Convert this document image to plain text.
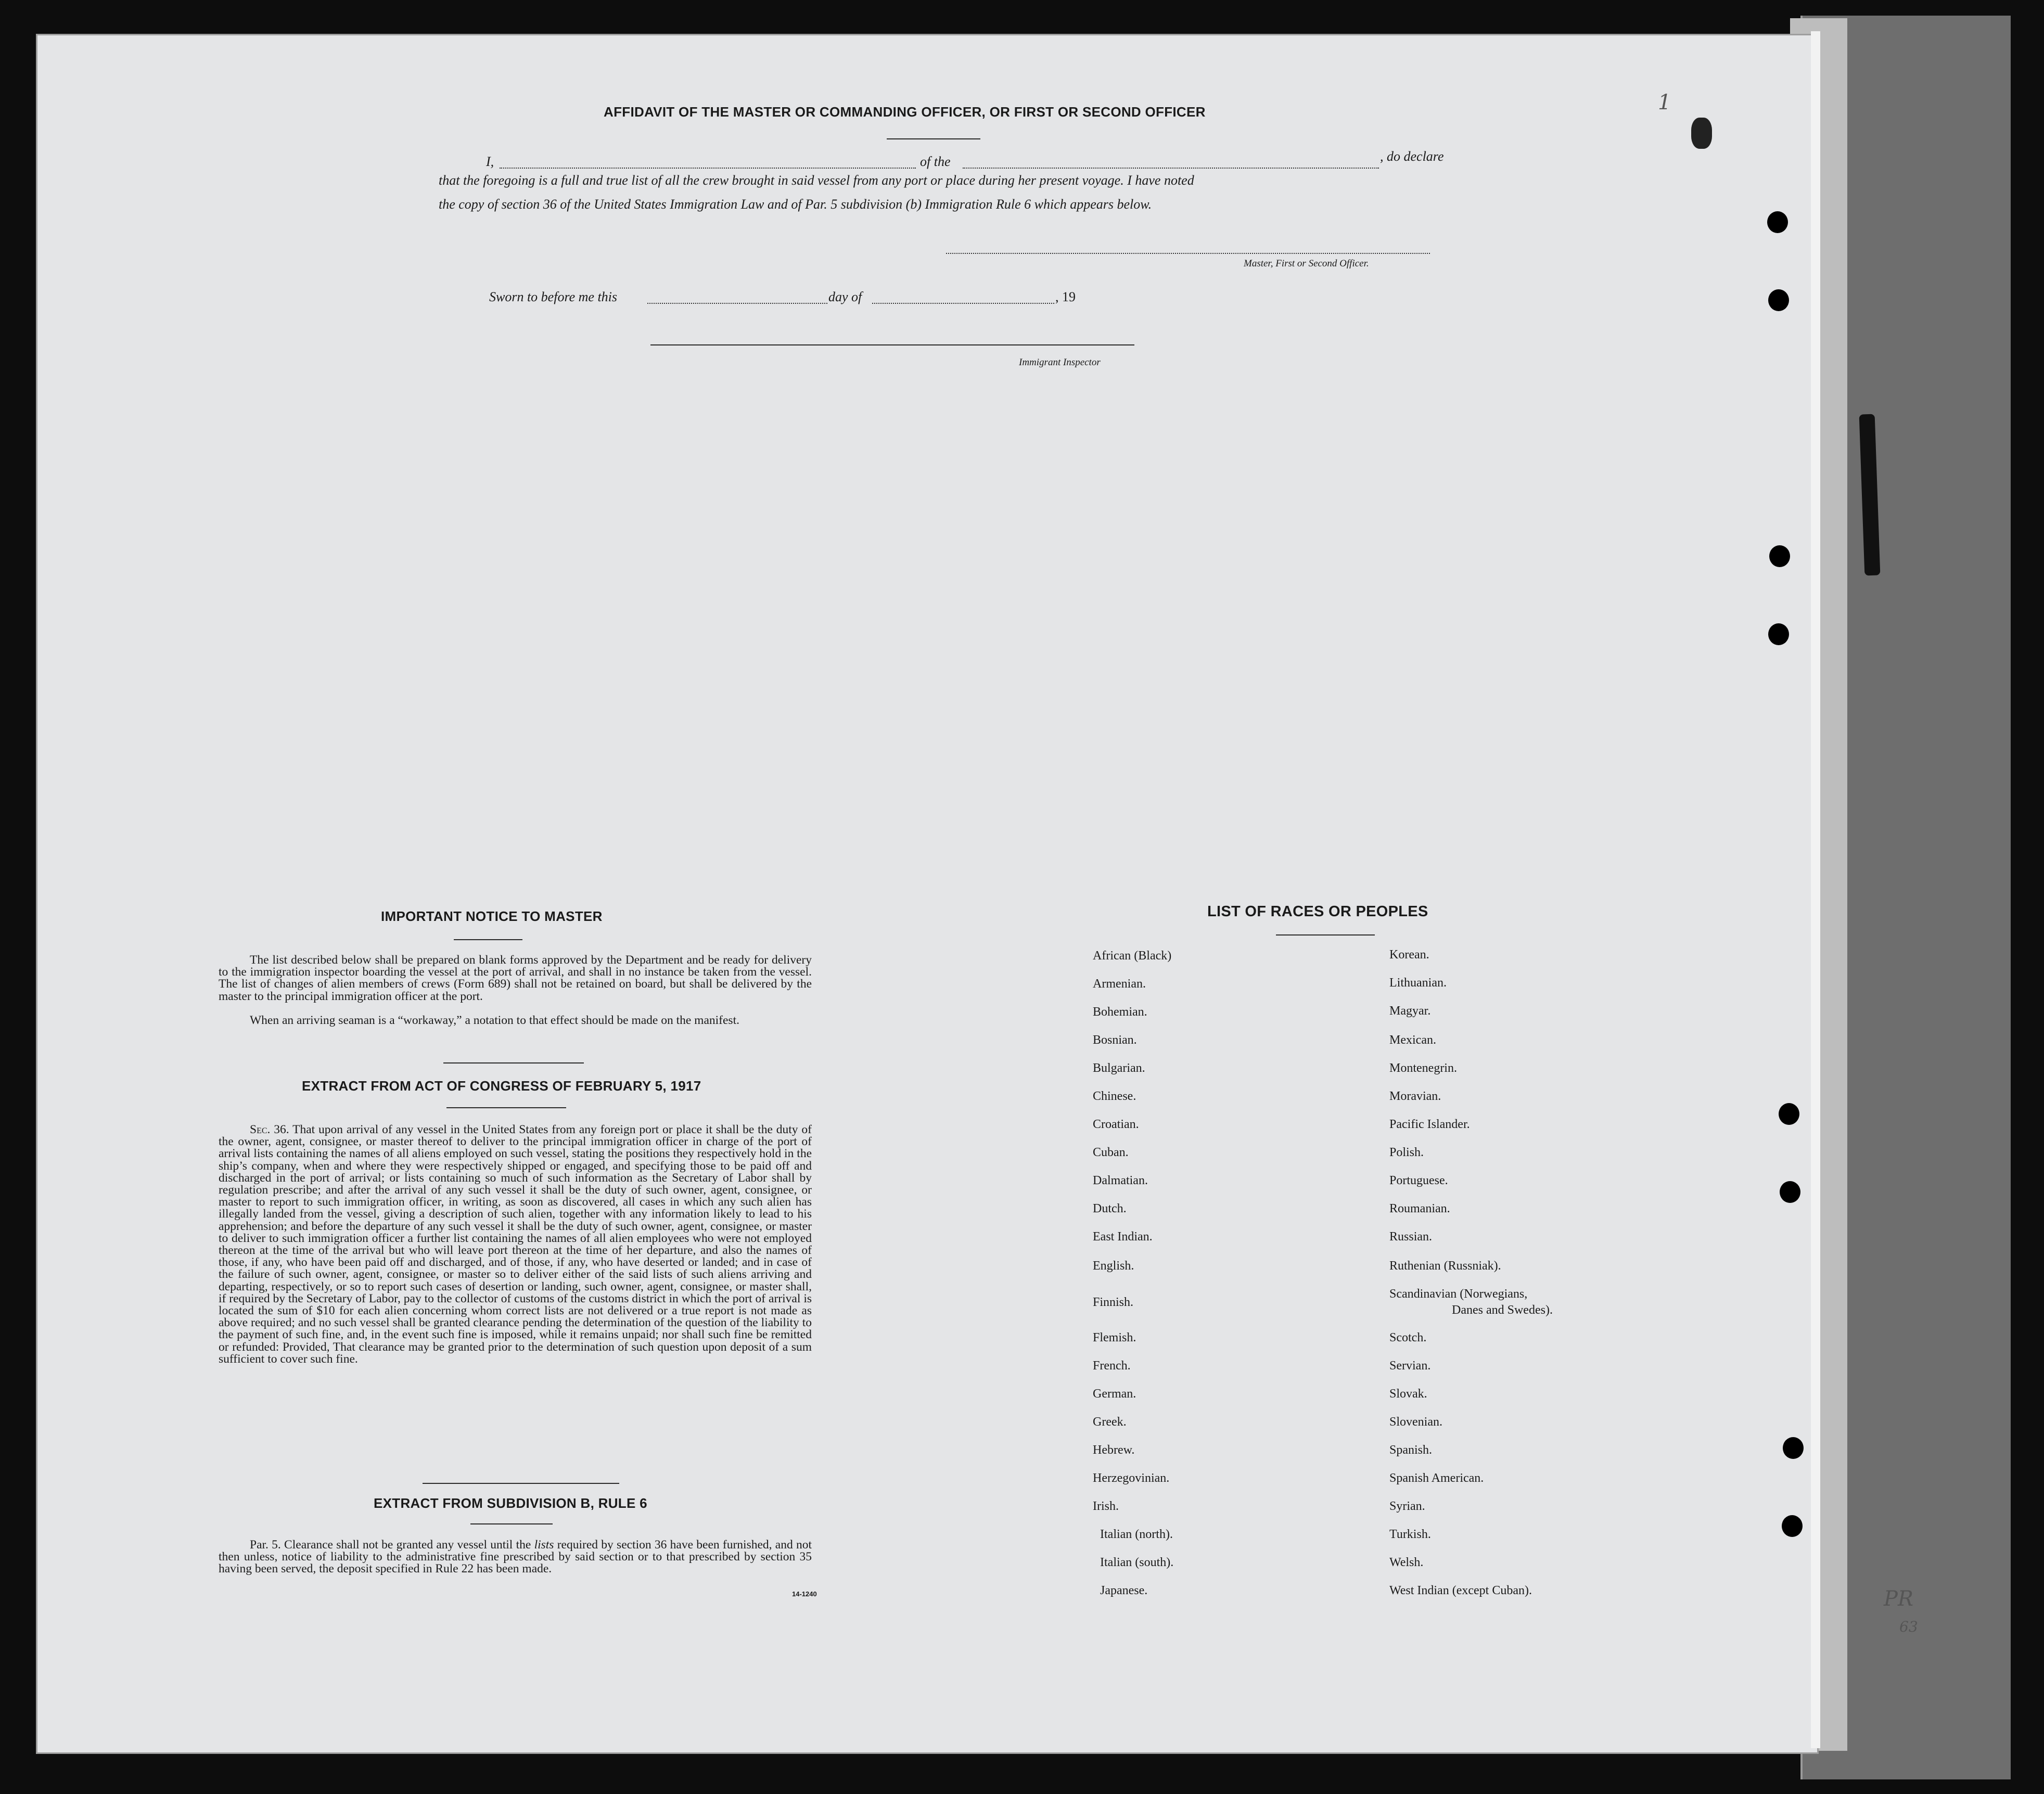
AFFIDAVIT OF THE MASTER OR COMMANDING OFFICER, OR FIRST OR SECOND OFFICER
I,	of the	, do declare
that the foregoing is a full and true list of all the crew brought in said vessel from any port or place during her present voyage. I have noted
the copy of section 36 of the United States Immigration Law and of Par. 5 subdivision (b) Immigration Rule 6 which appears below.
Master, First or Second Officer.
Sworn to before me this	day of	, 19
Immigrant Inspector
IMPORTANT NOTICE TO MASTER
The list described below shall be prepared on blank forms approved by the Department and be ready for delivery to the immigration inspector boarding the vessel at the port of arrival, and shall in no instance be taken from the vessel. The list of changes of alien members of crews (Form 689) shall not be retained on board, but shall be delivered by the master to the principal immigration officer at the port.
When an arriving seaman is a “workaway,” a notation to that effect should be made on the manifest.
EXTRACT FROM ACT OF CONGRESS OF FEBRUARY 5, 1917
Sec. 36. That upon arrival of any vessel in the United States from any foreign port or place it shall be the duty of the owner, agent, consignee, or master thereof to deliver to the principal immigration officer in charge of the port of arrival lists containing the names of all aliens employed on such vessel, stating the positions they respectively hold in the ship’s company, when and where they were respectively shipped or engaged, and specifying those to be paid off and discharged in the port of arrival; or lists containing so much of such information as the Secretary of Labor shall by regulation prescribe; and after the arrival of any such vessel it shall be the duty of such owner, agent, consignee, or master to report to such immigration officer, in writing, as soon as discovered, all cases in which any such alien has illegally landed from the vessel, giving a description of such alien, together with any information likely to lead to his apprehension; and before the departure of any such vessel it shall be the duty of such owner, agent, consignee, or master to deliver to such immigration officer a further list containing the names of all alien employees who were not employed thereon at the time of the arrival but who will leave port thereon at the time of her departure, and also the names of those, if any, who have been paid off and discharged, and of those, if any, who have deserted or landed; and in case of the failure of such owner, agent, consignee, or master so to deliver either of the said lists of such aliens arriving and departing, respectively, or so to report such cases of desertion or landing, such owner, agent, consignee, or master shall, if required by the Secretary of Labor, pay to the collector of customs of the customs district in which the port of arrival is located the sum of $10 for each alien concerning whom correct lists are not delivered or a true report is not made as above required; and no such vessel shall be granted clearance pending the determination of the question of the liability to the payment of such fine, and, in the event such fine is imposed, while it remains unpaid; nor shall such fine be remitted or refunded: Provided, That clearance may be granted prior to the determination of such question upon deposit of a sum sufficient to cover such fine.
EXTRACT FROM SUBDIVISION B, RULE 6
Par. 5. Clearance shall not be granted any vessel until the lists required by section 36 have been furnished, and not then unless, notice of liability to the administrative fine prescribed by said section or to that prescribed by section 35 having been served, the deposit specified in Rule 22 has been made.
14-1240
LIST OF RACES OR PEOPLES
African (Black)
Armenian.
Bohemian.
Bosnian.
Bulgarian.
Chinese.
Croatian.
Cuban.
Dalmatian.
Dutch.
East Indian.
English.
Finnish.
Flemish.
French.
German.
Greek.
Hebrew.
Herzegovinian.
Irish.
Italian (north).
Italian (south).
Japanese.
Korean.
Lithuanian.
Magyar.
Mexican.
Montenegrin.
Moravian.
Pacific Islander.
Polish.
Portuguese.
Roumanian.
Russian.
Ruthenian (Russniak).
Scandinavian (Norwegians,
Scotch.
Servian.
Slovak.
Slovenian.
Spanish.
Spanish American.
Syrian.
Turkish.
Welsh.
West Indian (except Cuban).
Danes and Swedes).
1
PR
63
